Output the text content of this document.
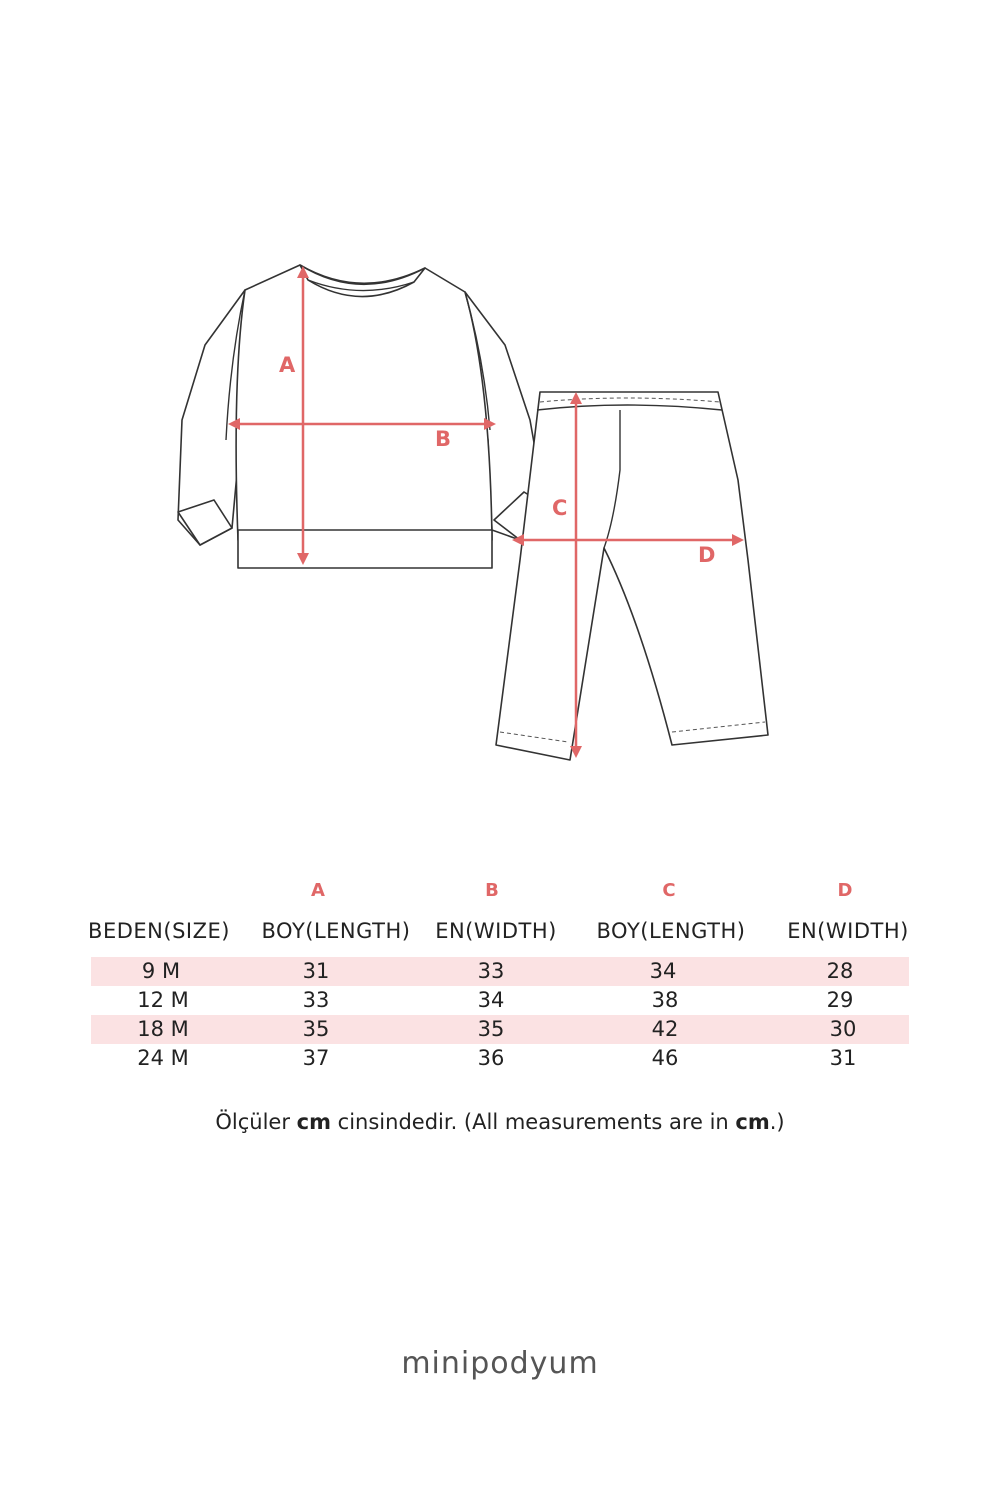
A
B
C
D
A	B	C	D
BEDEN(SIZE) BOY(LENGTH) EN(WIDTH) BOY(LENGTH) EN(WIDTH)
9 M	31	33	34	28
12 M	33	34	38	29
18 M	35	35	42	30
24 M	37	36	46	31
Ölçüler cm cinsindedir. (All measurements are in cm.)
minipodyum
